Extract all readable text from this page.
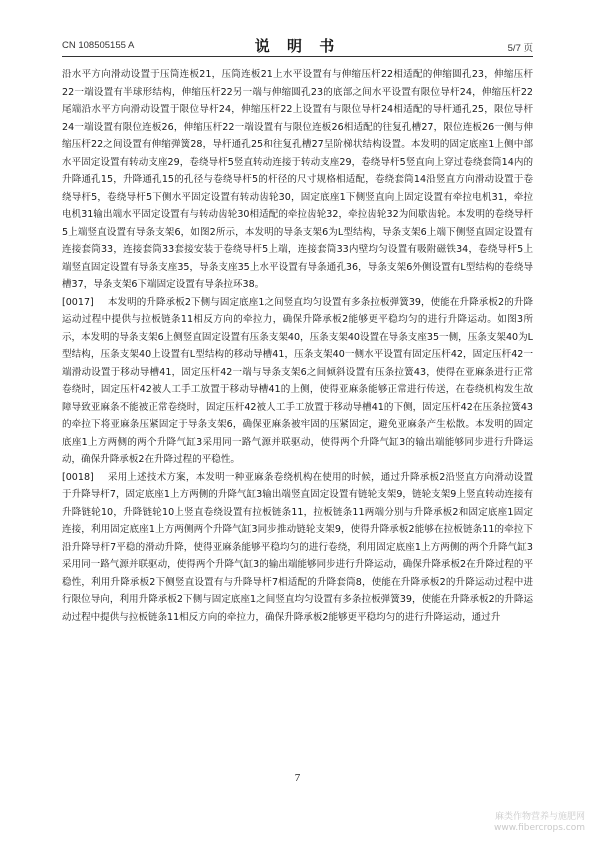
CN 108505155 A	说 明 书	5/7 页

沿水平方向滑动设置于压筒连板21，压筒连板21上水平设置有与伸缩压杆22相适配的伸缩圆孔23，伸缩压杆22一端设置有半球形结构，伸缩压杆22另一端与伸缩圆孔23的底部之间水平设置有限位导杆24，伸缩压杆22尾端沿水平方向滑动设置于限位导杆24，伸缩压杆22上设置有与限位导杆24相适配的导杆通孔25，限位导杆24一端设置有限位连板26，伸缩压杆22一端设置有与限位连板26相适配的往复孔槽27，限位连板26一侧与伸缩压杆22之间设置有伸缩弹簧28，导杆通孔25和往复孔槽27呈阶梯状结构设置。本发明的固定底座1上侧中部水平固定设置有转动支座29，卷绕导杆5竖直转动连接于转动支座29，卷绕导杆5竖直向上穿过卷绕套筒14内的升降通孔15，升降通孔15的孔径与卷绕导杆5的杆径的尺寸规格相适配，卷绕套筒14沿竖直方向滑动设置于卷绕导杆5，卷绕导杆5下侧水平固定设置有转动齿轮30，固定底座1下侧竖直向上固定设置有牵拉电机31，牵拉电机31输出端水平固定设置有与转动齿轮30相适配的牵拉齿轮32，牵拉齿轮32为间歇齿轮。本发明的卷绕导杆5上端竖直设置有导条支架6，如图2所示，本发明的导条支架6为L型结构，导条支架6上端下侧竖直固定设置有连接套筒33，连接套筒33套接安装于卷绕导杆5上端，连接套筒33内壁均匀设置有吸附磁铁34，卷绕导杆5上端竖直固定设置有导条支座35，导条支座35上水平设置有导条通孔36，导条支架6外侧设置有L型结构的卷绕导槽37，导条支架6下端固定设置有导条拉环38。

[0017] 本发明的升降承板2下侧与固定底座1之间竖直均匀设置有多条拉板弹簧39，使能在升降承板2的升降运动过程中提供与拉板链条11相反方向的牵拉力，确保升降承板2能够更平稳均匀的进行升降运动。如图3所示，本发明的导条支架6上侧竖直固定设置有压条支架40，压条支架40设置在导条支座35一侧，压条支架40为L型结构，压条支架40上设置有L型结构的移动导槽41，压条支架40一侧水平设置有固定压杆42，固定压杆42一端滑动设置于移动导槽41，固定压杆42一端与导条支架6之间倾斜设置有压条拉簧43，使得在亚麻条进行正常卷绕时，固定压杆42被人工手工放置于移动导槽41的上侧，使得亚麻条能够正常进行传送，在卷绕机构发生故障导致亚麻条不能被正常卷绕时，固定压杆42被人工手工放置于移动导槽41的下侧，固定压杆42在压条拉簧43的牵拉下将亚麻条压紧固定于导条支架6，确保亚麻条被牢固的压紧固定，避免亚麻条产生松散。本发明的固定底座1上方两侧的两个升降气缸3采用同一路气源并联驱动，使得两个升降气缸3的输出端能够同步进行升降运动，确保升降承板2在升降过程的平稳性。

[0018] 采用上述技术方案，本发明一种亚麻条卷绕机构在使用的时候，通过升降承板2沿竖直方向滑动设置于升降导杆7，固定底座1上方两侧的升降气缸3输出端竖直固定设置有链轮支架9，链轮支架9上竖直转动连接有升降链轮10，升降链轮10上竖直卷绕设置有拉板链条11，拉板链条11两端分别与升降承板2和固定底座1固定连接，利用固定底座1上方两侧两个升降气缸3同步推动链轮支架9，使得升降承板2能够在拉板链条11的牵拉下沿升降导杆7平稳的滑动升降，使得亚麻条能够平稳均匀的进行卷绕，利用固定底座1上方两侧的两个升降气缸3采用同一路气源并联驱动，使得两个升降气缸3的输出端能够同步进行升降运动，确保升降承板2在升降过程的平稳性，利用升降承板2下侧竖直设置有与升降导杆7相适配的升降套筒8，使能在升降承板2的升降运动过程中进行限位导向，利用升降承板2下侧与固定底座1之间竖直均匀设置有多条拉板弹簧39，使能在升降承板2的升降运动过程中提供与拉板链条11相反方向的牵拉力，确保升降承板2能够更平稳均匀的进行升降运动，通过升

7
麻类作物营养与施肥网
www.fibercrops.com
